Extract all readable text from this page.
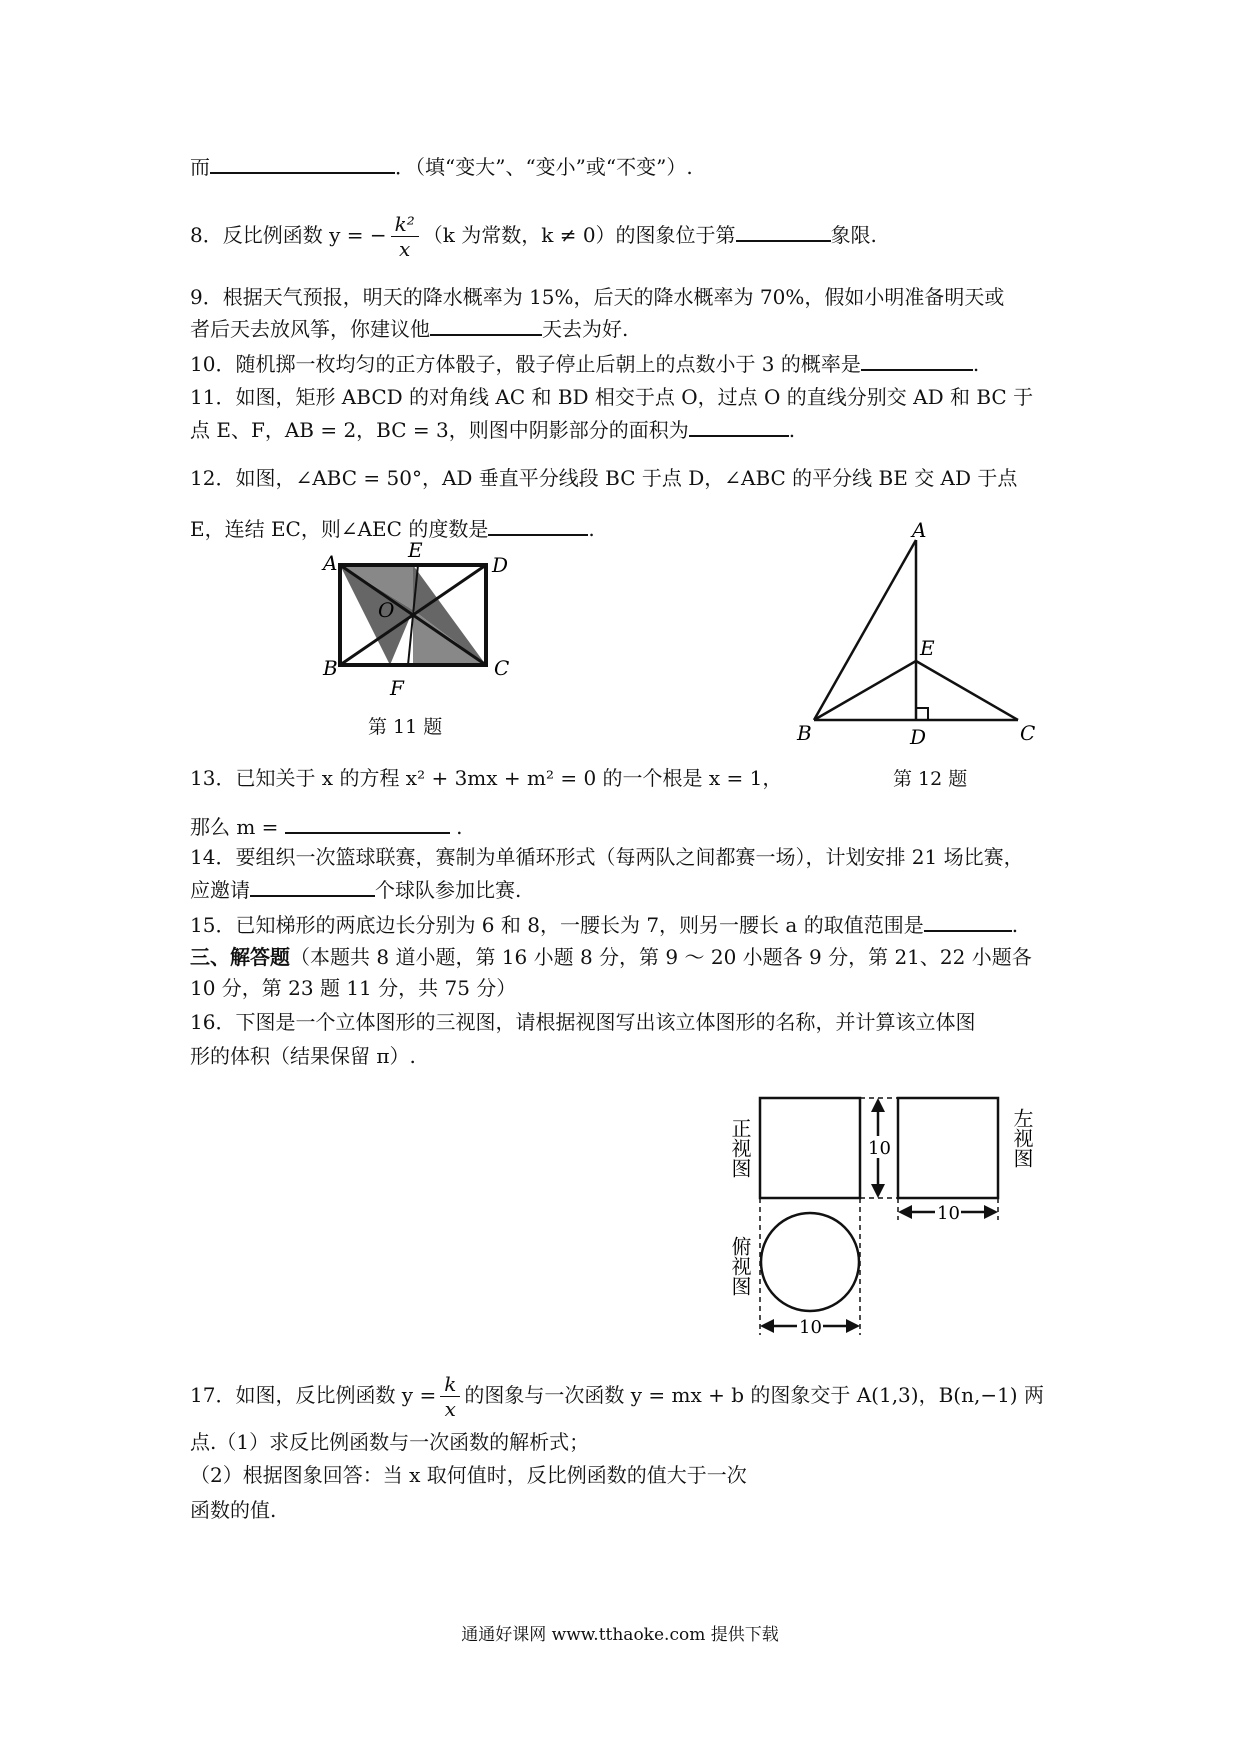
而	．（填“变大”、“变小”或“不变”）.
8．反比例函数 y = − $\frac{\text{k²}}{x} (k$ 为常数，k ≠ 0）的图象位于第	象限.
9．根据天气预报，明天的降水概率为 15%，后天的降水概率为 70%，假如小明准备明天或
者后天去放风筝，你建议他	天去为好.
10．随机掷一枚均匀的正方体骰子，骰子停止后朝上的点数小于 3 的概率是	.
11．如图，矩形 ABCD 的对角线 AC 和 BD 相交于点 O，过点 O 的直线分别交 AD 和 BC 于
点 E、F，AB = 2，BC = 3，则图中阴影部分的面积为	.
12．如图，∠ABC = 50°，AD 垂直平分线段 BC 于点 D，∠ABC 的平分线 BE 交 AD 于点
E，连结 EC，则∠AEC 的度数是	.
A
E
D
O
B	C
F
第 11 题
A
E
B	D	C
第 12 题
13．已知关于 x 的方程 x² + 3mx + m² = 0 的一个根是 x = 1，
那么 m =	.
14．要组织一次篮球联赛，赛制为单循环形式（每两队之间都赛一场），计划安排 21 场比赛，
应邀请	个球队参加比赛.
15．已知梯形的两底边长分别为 6 和 8，一腰长为 7，则另一腰长 a 的取值范围是	.
三、解答题（本题共 8 道小题，第 16 小题 8 分，第 9 ～ 20 小题各 9 分，第 21、22 小题各
10 分，第 23 题 11 分，共 75 分）
16．下图是一个立体图形的三视图，请根据视图写出该立体图形的名称，并计算该立体图
形的体积（结果保留 π）.
10
10
10
正视图	左视图
俯视图
17．如图，反比例函数 $y = \frac{k}{x}$ 的图象与一次函数 y = mx + b 的图象交于 A(1,3)，B(n,−1) 两
点.（1）求反比例函数与一次函数的解析式；
（2）根据图象回答：当 x 取何值时，反比例函数的值大于一次
函数的值.
通通好课网 www.tthaoke.com 提供下载
